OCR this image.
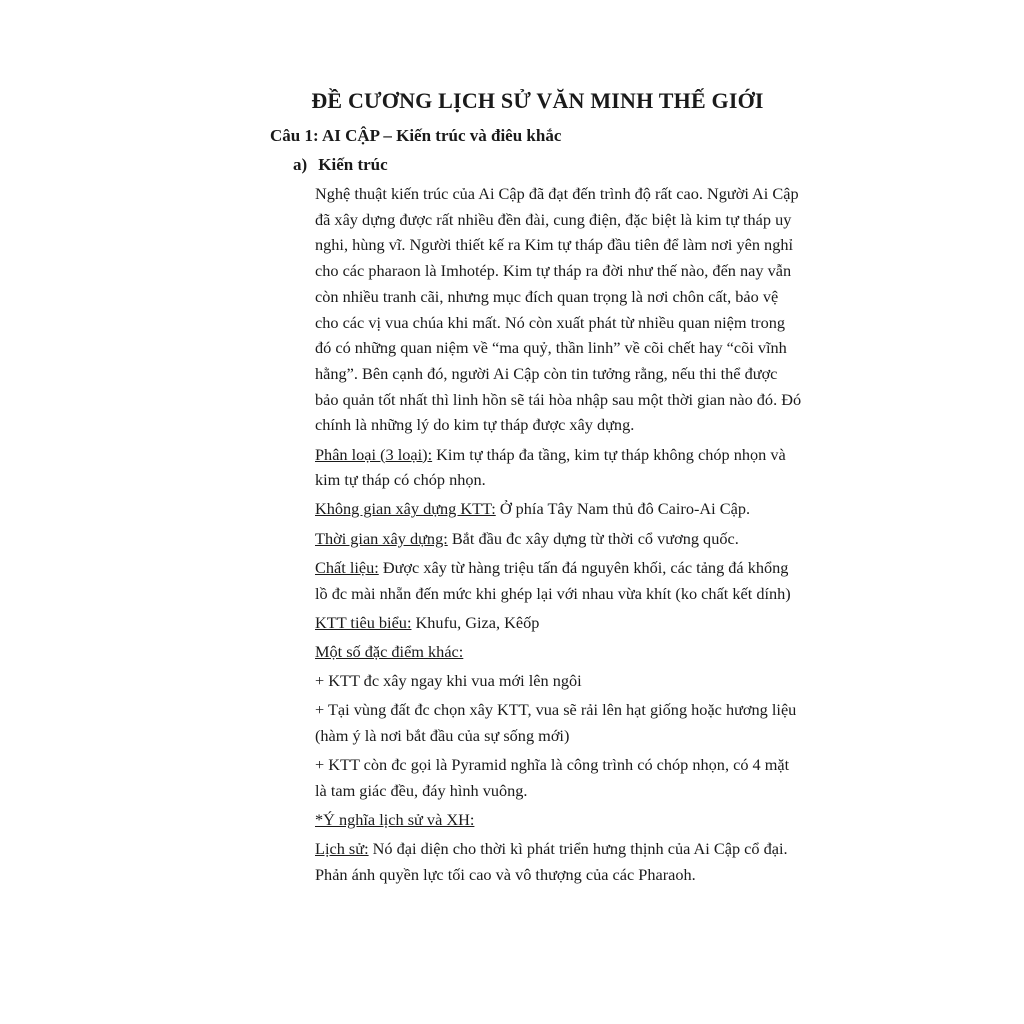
ĐỀ CƯƠNG LỊCH SỬ VĂN MINH THẾ GIỚI
Câu 1: AI CẬP – Kiến trúc và điêu khắc
a) Kiến trúc

Nghệ thuật kiến trúc của Ai Cập đã đạt đến trình độ rất cao. Người Ai Cập đã xây dựng được rất nhiều đền đài, cung điện, đặc biệt là kim tự tháp uy nghi, hùng vĩ. Người thiết kế ra Kim tự tháp đầu tiên để làm nơi yên nghỉ cho các pharaon là Imhotép. Kim tự tháp ra đời như thế nào, đến nay vẫn còn nhiều tranh cãi, nhưng mục đích quan trọng là nơi chôn cất, bảo vệ cho các vị vua chúa khi mất. Nó còn xuất phát từ nhiều quan niệm trong đó có những quan niệm về “ma quỷ, thần linh” về cõi chết hay “cõi vĩnh hằng”. Bên cạnh đó, người Ai Cập còn tin tưởng rằng, nếu thi thể được bảo quản tốt nhất thì linh hồn sẽ tái hòa nhập sau một thời gian nào đó. Đó chính là những lý do kim tự tháp được xây dựng.

Phân loại (3 loại): Kim tự tháp đa tầng, kim tự tháp không chóp nhọn và kim tự tháp có chóp nhọn.

Không gian xây dựng KTT: Ở phía Tây Nam thủ đô Cairo-Ai Cập.

Thời gian xây dựng: Bắt đầu đc xây dựng từ thời cổ vương quốc.

Chất liệu: Được xây từ hàng triệu tấn đá nguyên khối, các tảng đá khổng lồ đc mài nhẵn đến mức khi ghép lại với nhau vừa khít (ko chất kết dính)

KTT tiêu biểu: Khufu, Giza, Kêốp

Một số đặc điểm khác:

+ KTT đc xây ngay khi vua mới lên ngôi

+ Tại vùng đất đc chọn xây KTT, vua sẽ rải lên hạt giống hoặc hương liệu (hàm ý là nơi bắt đầu của sự sống mới)

+ KTT còn đc gọi là Pyramid nghĩa là công trình có chóp nhọn, có 4 mặt là tam giác đều, đáy hình vuông.

*Ý nghĩa lịch sử và XH:

Lịch sử: Nó đại diện cho thời kì phát triển hưng thịnh của Ai Cập cổ đại. Phản ánh quyền lực tối cao và vô thượng của các Pharaoh.
